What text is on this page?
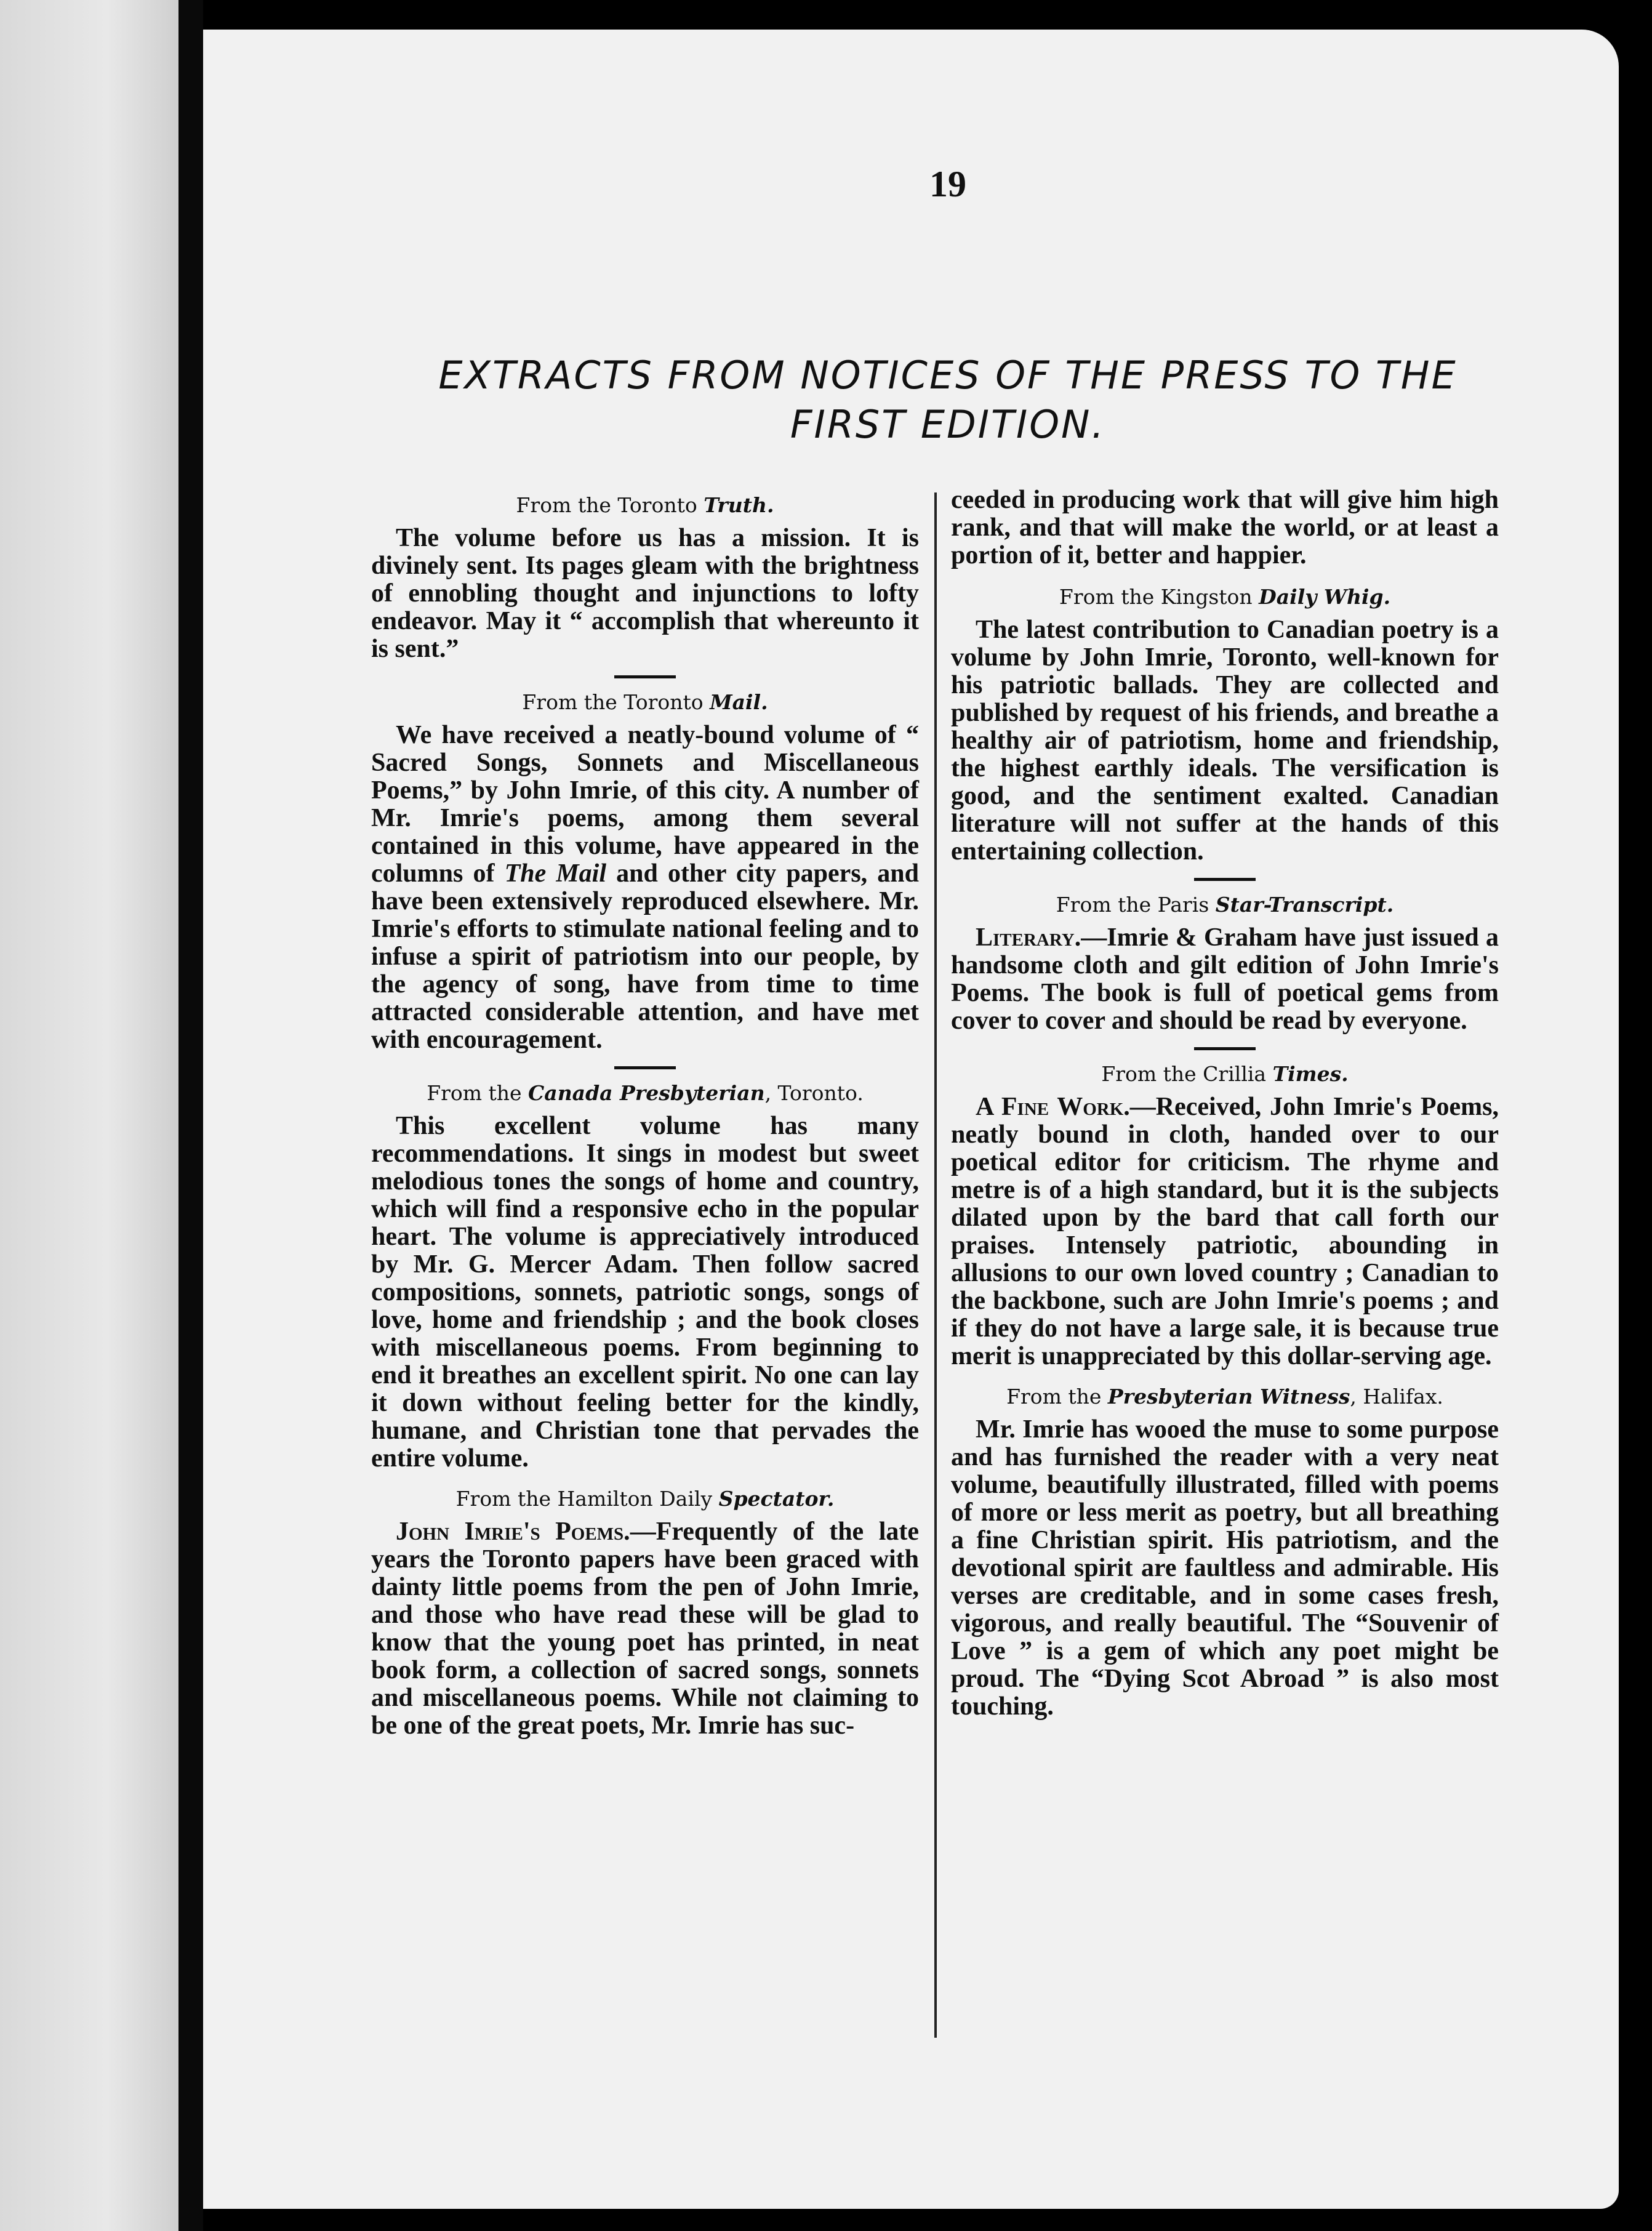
19
EXTRACTS FROM NOTICES OF THE PRESS TO THE
FIRST EDITION.
From the Toronto Truth.

The volume before us has a mission. It is divinely sent. Its pages gleam with the brightness of ennobling thought and injunctions to lofty endeavor. May it “ accomplish that whereunto it is sent.”

From the Toronto Mail.

We have received a neatly-bound volume of “ Sacred Songs, Sonnets and Miscellaneous Poems,” by John Imrie, of this city. A number of Mr. Imrie's poems, among them several contained in this volume, have appeared in the columns of The Mail and other city papers, and have been extensively reproduced elsewhere. Mr. Imrie's efforts to stimulate national feeling and to infuse a spirit of patriotism into our people, by the agency of song, have from time to time attracted considerable attention, and have met with encouragement.

From the Canada Presbyterian, Toronto.

This excellent volume has many recommendations. It sings in modest but sweet melodious tones the songs of home and country, which will find a responsive echo in the popular heart. The volume is appreciatively introduced by Mr. G. Mercer Adam. Then follow sacred compositions, sonnets, patriotic songs, songs of love, home and friendship ; and the book closes with miscellaneous poems. From beginning to end it breathes an excellent spirit. No one can lay it down without feeling better for the kindly, humane, and Christian tone that pervades the entire volume.

From the Hamilton Daily Spectator.

John Imrie's Poems.—Frequently of the late years the Toronto papers have been graced with dainty little poems from the pen of John Imrie, and those who have read these will be glad to know that the young poet has printed, in neat book form, a collection of sacred songs, sonnets and miscellaneous poems. While not claiming to be one of the great poets, Mr. Imrie has suc-

ceeded in producing work that will give him high rank, and that will make the world, or at least a portion of it, better and happier.

From the Kingston Daily Whig.

The latest contribution to Canadian poetry is a volume by John Imrie, Toronto, well-known for his patriotic ballads. They are collected and published by request of his friends, and breathe a healthy air of patriotism, home and friendship, the highest earthly ideals. The versification is good, and the sentiment exalted. Canadian literature will not suffer at the hands of this entertaining collection.

From the Paris Star-Transcript.

Literary.—Imrie & Graham have just issued a handsome cloth and gilt edition of John Imrie's Poems. The book is full of poetical gems from cover to cover and should be read by everyone.

From the Crillia Times.

A Fine Work.—Received, John Imrie's Poems, neatly bound in cloth, handed over to our poetical editor for criticism. The rhyme and metre is of a high standard, but it is the subjects dilated upon by the bard that call forth our praises. Intensely patriotic, abounding in allusions to our own loved country ; Canadian to the backbone, such are John Imrie's poems ; and if they do not have a large sale, it is because true merit is unappreciated by this dollar-serving age.

From the Presbyterian Witness, Halifax.

Mr. Imrie has wooed the muse to some purpose and has furnished the reader with a very neat volume, beautifully illustrated, filled with poems of more or less merit as poetry, but all breathing a fine Christian spirit. His patriotism, and the devotional spirit are faultless and admirable. His verses are creditable, and in some cases fresh, vigorous, and really beautiful. The “Souvenir of Love ” is a gem of which any poet might be proud. The “Dying Scot Abroad ” is also most touching.
